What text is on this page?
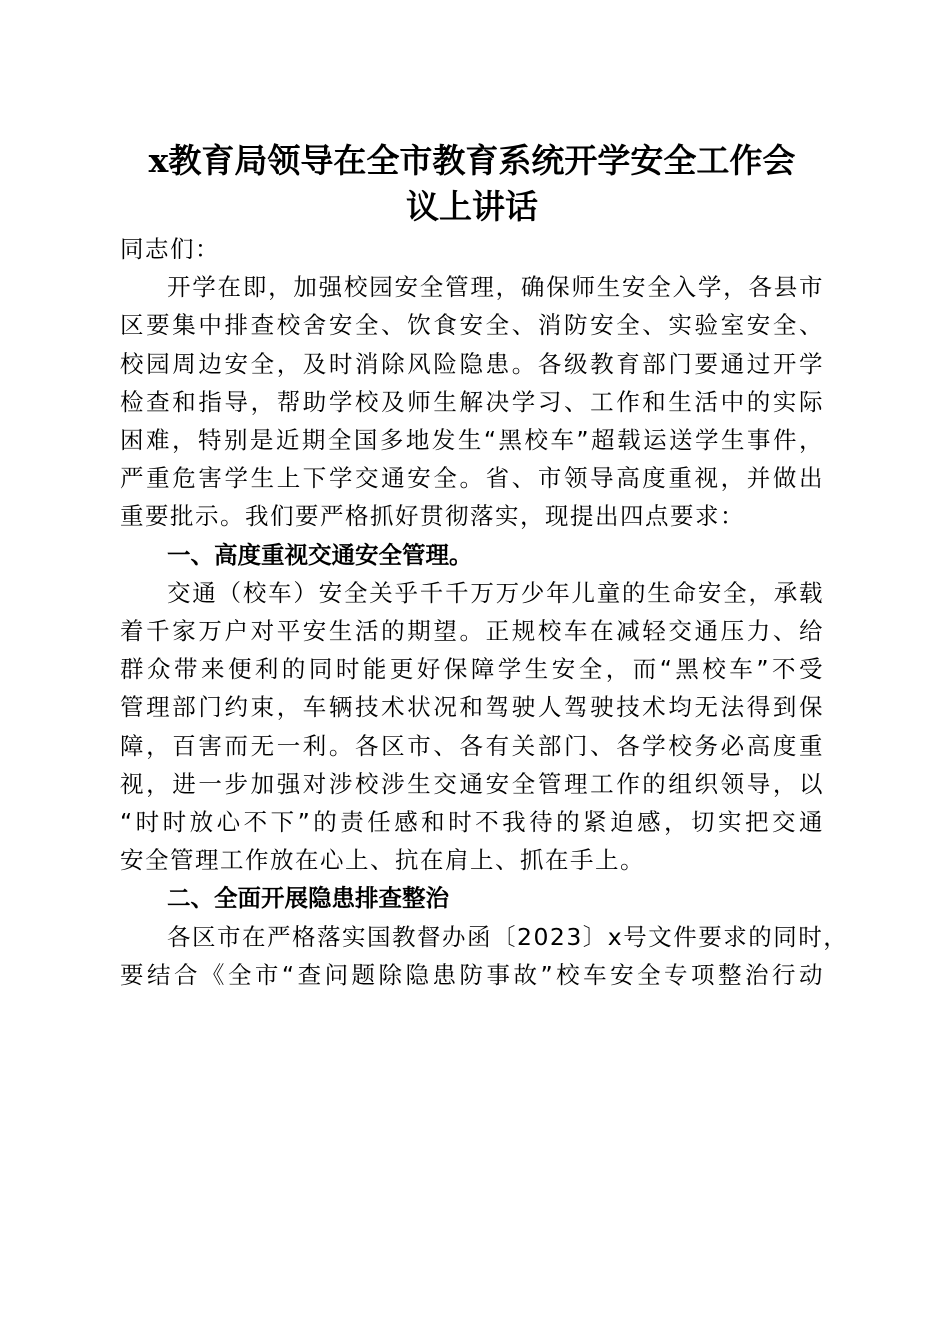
x教育局领导在全市教育系统开学安全工作会
议上讲话

同志们：

开学在即，加强校园安全管理，确保师生安全入学，各县市
区要集中排查校舍安全、饮食安全、消防安全、实验室安全、
校园周边安全，及时消除风险隐患。各级教育部门要通过开学
检查和指导，帮助学校及师生解决学习、工作和生活中的实际
困难，特别是近期全国多地发生“黑校车”超载运送学生事件，
严重危害学生上下学交通安全。省、市领导高度重视，并做出
重要批示。我们要严格抓好贯彻落实，现提出四点要求：

一、高度重视交通安全管理。

交通（校车）安全关乎千千万万少年儿童的生命安全，承载
着千家万户对平安生活的期望。正规校车在减轻交通压力、给
群众带来便利的同时能更好保障学生安全，而“黑校车”不受
管理部门约束，车辆技术状况和驾驶人驾驶技术均无法得到保
障，百害而无一利。各区市、各有关部门、各学校务必高度重
视，进一步加强对涉校涉生交通安全管理工作的组织领导，以
“时时放心不下”的责任感和时不我待的紧迫感，切实把交通
安全管理工作放在心上、抗在肩上、抓在手上。

二、全面开展隐患排查整治

各区市在严格落实国教督办函〔2023〕x号文件要求的同时，
要结合《全市“查问题除隐患防事故”校车安全专项整治行动
